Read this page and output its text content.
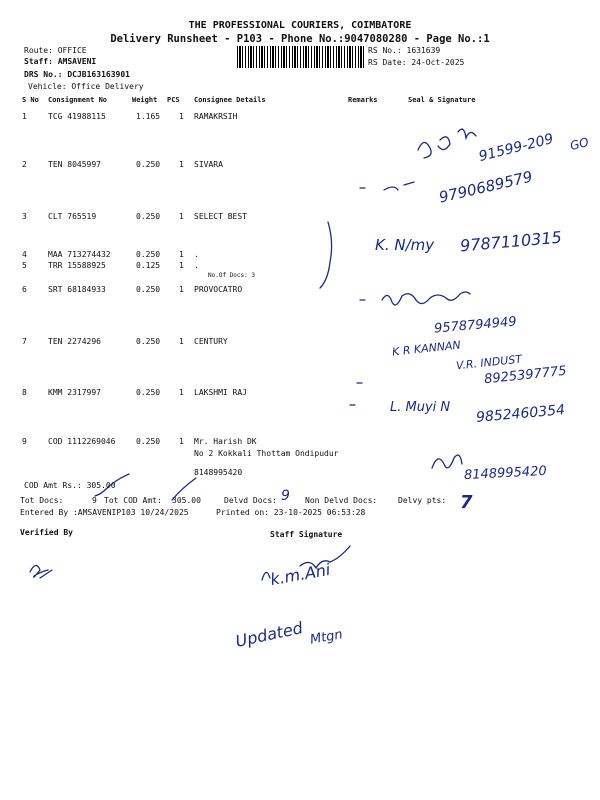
THE PROFESSIONAL COURIERS, COIMBATORE
Delivery Runsheet - P103 - Phone No.:9047080280 - Page No.:1
Route: OFFICE
Staff: AMSAVENI
DRS No.: DCJB163163901
Vehicle: Office Delivery
RS No.: 1631639
RS Date: 24-Oct-2025
S No Consignment No	Weight PCS Consignee Details	Remarks	Seal & Signature
1	TCG 41988115	1.165 1 RAMAKRSIH
2	TEN 8045997	0.250 1 SIVARA
3	CLT 765519	0.250 1 SELECT BEST
4	MAA 713274432	0.250 1 .
5	TRR 15588925	0.125 1 .
No.Of Docs: 3
6	SRT 68184933	0.250 1 PROVOCATRO
7	TEN 2274296	0.250 1 CENTURY
8	KMM 2317997	0.250 1 LAKSHMI RAJ
9	COD 1112269046	0.250 1 Mr. Harish DK
No 2 Kokkali Thottam Ondipudur
8148995420
COD Amt Rs.: 305.00
Tot Docs:	9 Tot COD Amt: 305.00	Delvd Docs:	Non Delvd Docs:	Delvy pts:
Entered By :AMSAVENIP103 10/24/2025	Printed on: 23-10-2025 06:53:28
Verified By	Staff Signature
91599-209 GO
9790689579
K. N/my 9787110315
9578794949
K R KANNAN
V.R. INDUST
8925397775
L. Muyi N 9852460354
8148995420
k.m.Ani
Updated Mtgn
9	7
